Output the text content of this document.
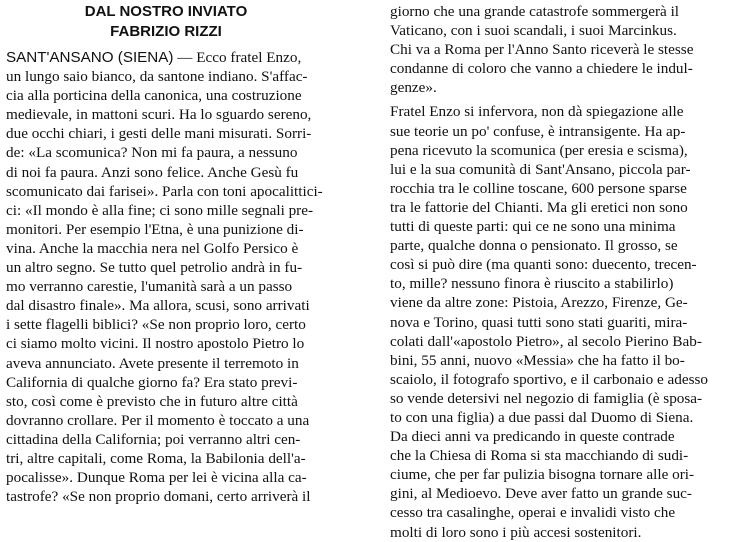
DAL NOSTRO INVIATO
FABRIZIO RIZZI
SANT'ANSANO (SIENA) — Ecco fratel Enzo,
un lungo saio bianco, da santone indiano. S'affac-
cia alla porticina della canonica, una costruzione
medievale, in mattoni scuri. Ha lo sguardo sereno,
due occhi chiari, i gesti delle mani misurati. Sorri-
de: «La scomunica? Non mi fa paura, a nessuno
di noi fa paura. Anzi sono felice. Anche Gesù fu
scomunicato dai farisei». Parla con toni apocalittici-
ci: «Il mondo è alla fine; ci sono mille segnali pre-
monitori. Per esempio l'Etna, è una punizione di-
vina. Anche la macchia nera nel Golfo Persico è
un altro segno. Se tutto quel petrolio andrà in fu-
mo verranno carestie, l'umanità sarà a un passo
dal disastro finale». Ma allora, scusi, sono arrivati
i sette flagelli biblici? «Se non proprio loro, certo
ci siamo molto vicini. Il nostro apostolo Pietro lo
aveva annunciato. Avete presente il terremoto in
California di qualche giorno fa? Era stato previ-
sto, così come è previsto che in futuro altre città
dovranno crollare. Per il momento è toccato a una
cittadina della California; poi verranno altri cen-
tri, altre capitali, come Roma, la Babilonia dell'a-
pocalisse». Dunque Roma per lei è vicina alla ca-
tastrofe? «Se non proprio domani, certo arriverà il
giorno che una grande catastrofe sommergerà il
Vaticano, con i suoi scandali, i suoi Marcinkus.
Chi va a Roma per l'Anno Santo riceverà le stesse
condanne di coloro che vanno a chiedere le indul-
genze».
Fratel Enzo si infervora, non dà spiegazione alle
sue teorie un po' confuse, è intransigente. Ha ap-
pena ricevuto la scomunica (per eresia e scisma),
lui e la sua comunità di Sant'Ansano, piccola par-
rocchia tra le colline toscane, 600 persone sparse
tra le fattorie del Chianti. Ma gli eretici non sono
tutti di queste parti: qui ce ne sono una minima
parte, qualche donna o pensionato. Il grosso, se
così si può dire (ma quanti sono: duecento, trecen-
to, mille? nessuno finora è riuscito a stabilirlo)
viene da altre zone: Pistoia, Arezzo, Firenze, Ge-
nova e Torino, quasi tutti sono stati guariti, mira-
colati dall'«apostolo Pietro», al secolo Pierino Bab-
bini, 55 anni, nuovo «Messia» che ha fatto il bo-
scaiolo, il fotografo sportivo, e il carbonaio e adesso
so vende detersivi nel negozio di famiglia (è sposa-
to con una figlia) a due passi dal Duomo di Siena.
Da dieci anni va predicando in queste contrade
che la Chiesa di Roma si sta macchiando di sudi-
ciume, che per far pulizia bisogna tornare alle ori-
gini, al Medioevo. Deve aver fatto un grande suc-
cesso tra casalinghe, operai e invalidi visto che
molti di loro sono i più accesi sostenitori.
